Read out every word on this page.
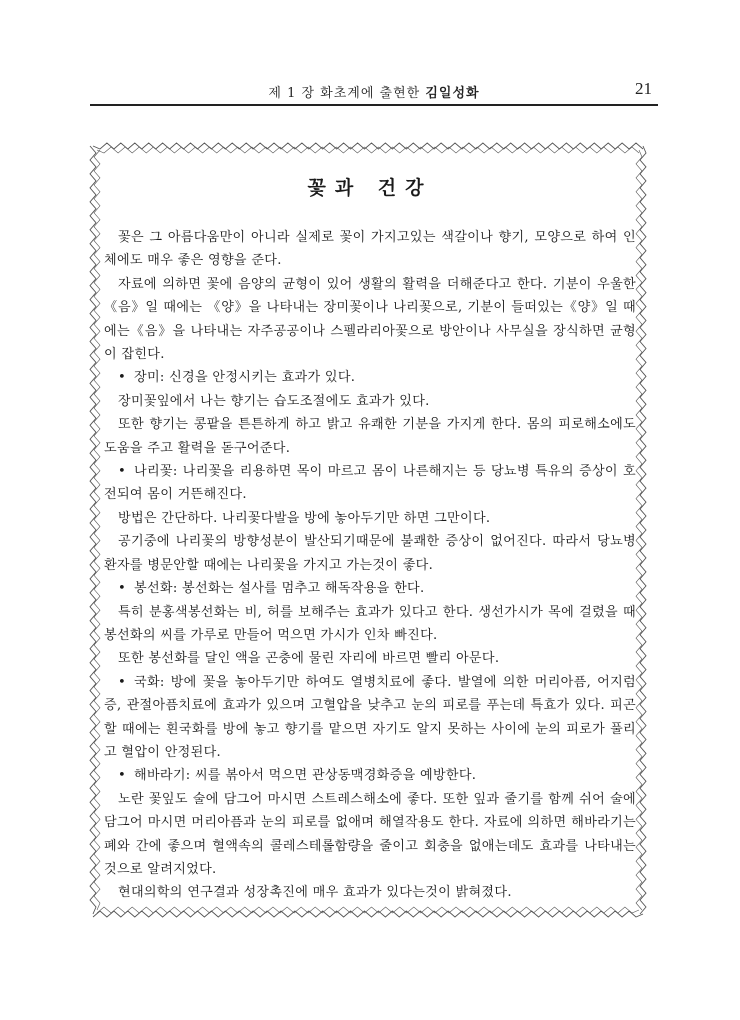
제 1 장 화초계에 출현한 김일성화	21
꽃과 건강

꽃은 그 아름다움만이 아니라 실제로 꽃이 가지고있는 색갈이나 향기, 모양으로 하여 인체에도 매우 좋은 영향을 준다.

자료에 의하면 꽃에 음양의 균형이 있어 생활의 활력을 더해준다고 한다. 기분이 우울한 《음》일 때에는 《양》을 나타내는 장미꽃이나 나리꽃으로, 기분이 들떠있는《양》일 때에는《음》을 나타내는 자주공공이나 스펠라리아꽃으로 방안이나 사무실을 장식하면 균형이 잡힌다.

• 장미: 신경을 안정시키는 효과가 있다.

장미꽃잎에서 나는 향기는 습도조절에도 효과가 있다.

또한 향기는 콩팥을 튼튼하게 하고 밝고 유쾌한 기분을 가지게 한다. 몸의 피로해소에도 도움을 주고 활력을 돋구어준다.

• 나리꽃: 나리꽃을 리용하면 목이 마르고 몸이 나른해지는 등 당뇨병 특유의 증상이 호전되여 몸이 거뜬해진다.

방법은 간단하다. 나리꽃다발을 방에 놓아두기만 하면 그만이다.

공기중에 나리꽃의 방향성분이 발산되기때문에 불쾌한 증상이 없어진다. 따라서 당뇨병환자를 병문안할 때에는 나리꽃을 가지고 가는것이 좋다.

• 봉선화: 봉선화는 설사를 멈추고 해독작용을 한다.

특히 분홍색봉선화는 비, 허를 보해주는 효과가 있다고 한다. 생선가시가 목에 걸렸을 때 봉선화의 씨를 가루로 만들어 먹으면 가시가 인차 빠진다.

또한 봉선화를 달인 액을 곤충에 물린 자리에 바르면 빨리 아문다.

• 국화: 방에 꽃을 놓아두기만 하여도 열병치료에 좋다. 발열에 의한 머리아픔, 어지럼증, 관절아픔치료에 효과가 있으며 고혈압을 낮추고 눈의 피로를 푸는데 특효가 있다. 피곤할 때에는 흰국화를 방에 놓고 향기를 맡으면 자기도 알지 못하는 사이에 눈의 피로가 풀리고 혈압이 안정된다.

• 해바라기: 씨를 볶아서 먹으면 관상동맥경화증을 예방한다.

노란 꽃잎도 술에 담그어 마시면 스트레스해소에 좋다. 또한 잎과 줄기를 함께 쉬어 술에 담그어 마시면 머리아픔과 눈의 피로를 없애며 해열작용도 한다. 자료에 의하면 해바라기는 폐와 간에 좋으며 혈액속의 콜레스테롤함량을 줄이고 회충을 없애는데도 효과를 나타내는것으로 알려지었다.

현대의학의 연구결과 성장촉진에 매우 효과가 있다는것이 밝혀졌다.
